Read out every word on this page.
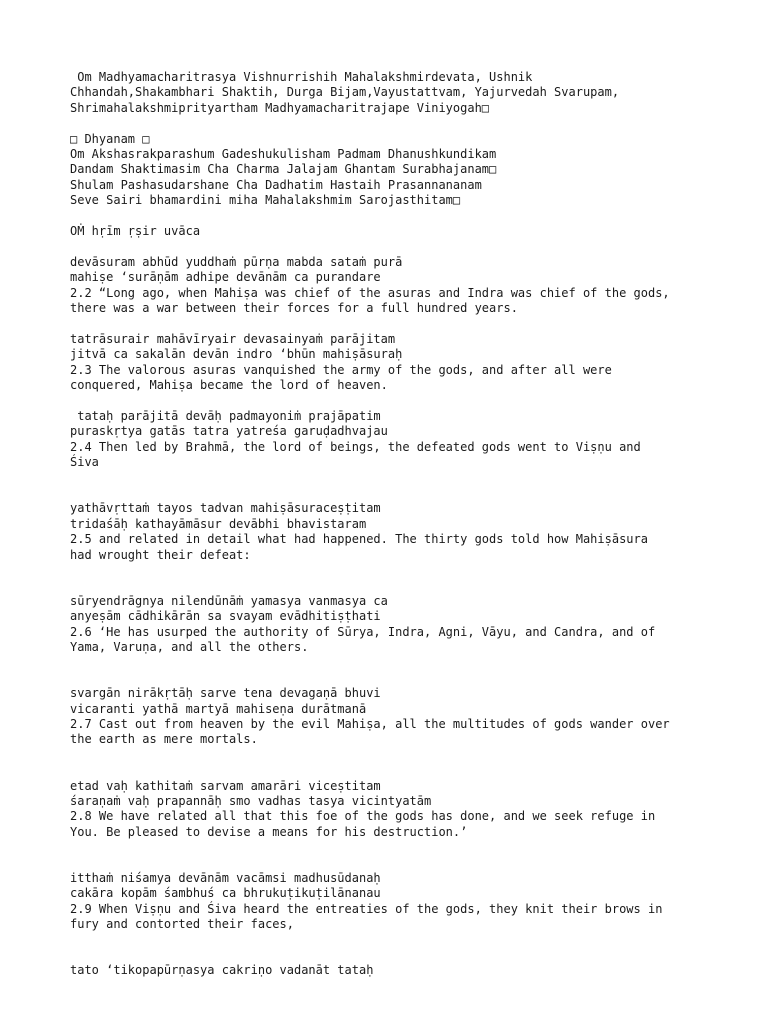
Om Madhyamacharitrasya Vishnurrishih Mahalakshmirdevata, Ushnik
Chhandah,Shakambhari Shaktih, Durga Bijam,Vayustattvam, Yajurvedah Svarupam,
Shrimahalakshmiprityartham Madhyamacharitrajape Viniyogah□
□ Dhyanam □
Om Akshasrakparashum Gadeshukulisham Padmam Dhanushkundikam
Dandam Shaktimasim Cha Charma Jalajam Ghantam Surabhajanam□
Shulam Pashasudarshane Cha Dadhatim Hastaih Prasannananam
Seve Sairi bhamardini miha Mahalakshmim Sarojasthitam□
OṀ hṛīm ṛṣir uvāca
devāsuram abhūd yuddhaṁ pūrṇa mabda sataṁ purā
mahiṣe ‘surāṇām adhipe devānām ca purandare
2.2 “Long ago, when Mahiṣa was chief of the asuras and Indra was chief of the gods,
there was a war between their forces for a full hundred years.
tatrāsurair mahāvīryair devasainyaṁ parājitam
jitvā ca sakalān devān indro ‘bhūn mahiṣāsuraḥ
2.3 The valorous asuras vanquished the army of the gods, and after all were
conquered, Mahiṣa became the lord of heaven.
tataḥ parājitā devāḥ padmayoniṁ prajāpatim
puraskṛtya gatās tatra yatreśa garuḍadhvajau
2.4 Then led by Brahmā, the lord of beings, the defeated gods went to Viṣṇu and
Śiva
yathāvṛttaṁ tayos tadvan mahiṣāsuraceṣṭitam
tridaśāḥ kathayāmāsur devābhi bhavistaram
2.5 and related in detail what had happened. The thirty gods told how Mahiṣāsura
had wrought their defeat:
sūryendrāgnya nilendūnāṁ yamasya vanmasya ca
anyeṣām cādhikārān sa svayam evādhitiṣṭhati
2.6 ‘He has usurped the authority of Sūrya, Indra, Agni, Vāyu, and Candra, and of
Yama, Varuṇa, and all the others.
svargān nirākṛtāḥ sarve tena devagaṇā bhuvi
vicaranti yathā martyā mahiseṇa durātmanā
2.7 Cast out from heaven by the evil Mahiṣa, all the multitudes of gods wander over
the earth as mere mortals.
etad vaḥ kathitaṁ sarvam amarāri viceṣtitam
śaraṇaṁ vaḥ prapannāḥ smo vadhas tasya vicintyatām
2.8 We have related all that this foe of the gods has done, and we seek refuge in
You. Be pleased to devise a means for his destruction.’
itthaṁ niśamya devānām vacāmsi madhusūdanaḥ
cakāra kopām śambhuś ca bhrukuṭikuṭilānanau
2.9 When Viṣṇu and Śiva heard the entreaties of the gods, they knit their brows in
fury and contorted their faces,
tato ‘tikopapūrṇasya cakriṇo vadanāt tataḥ
